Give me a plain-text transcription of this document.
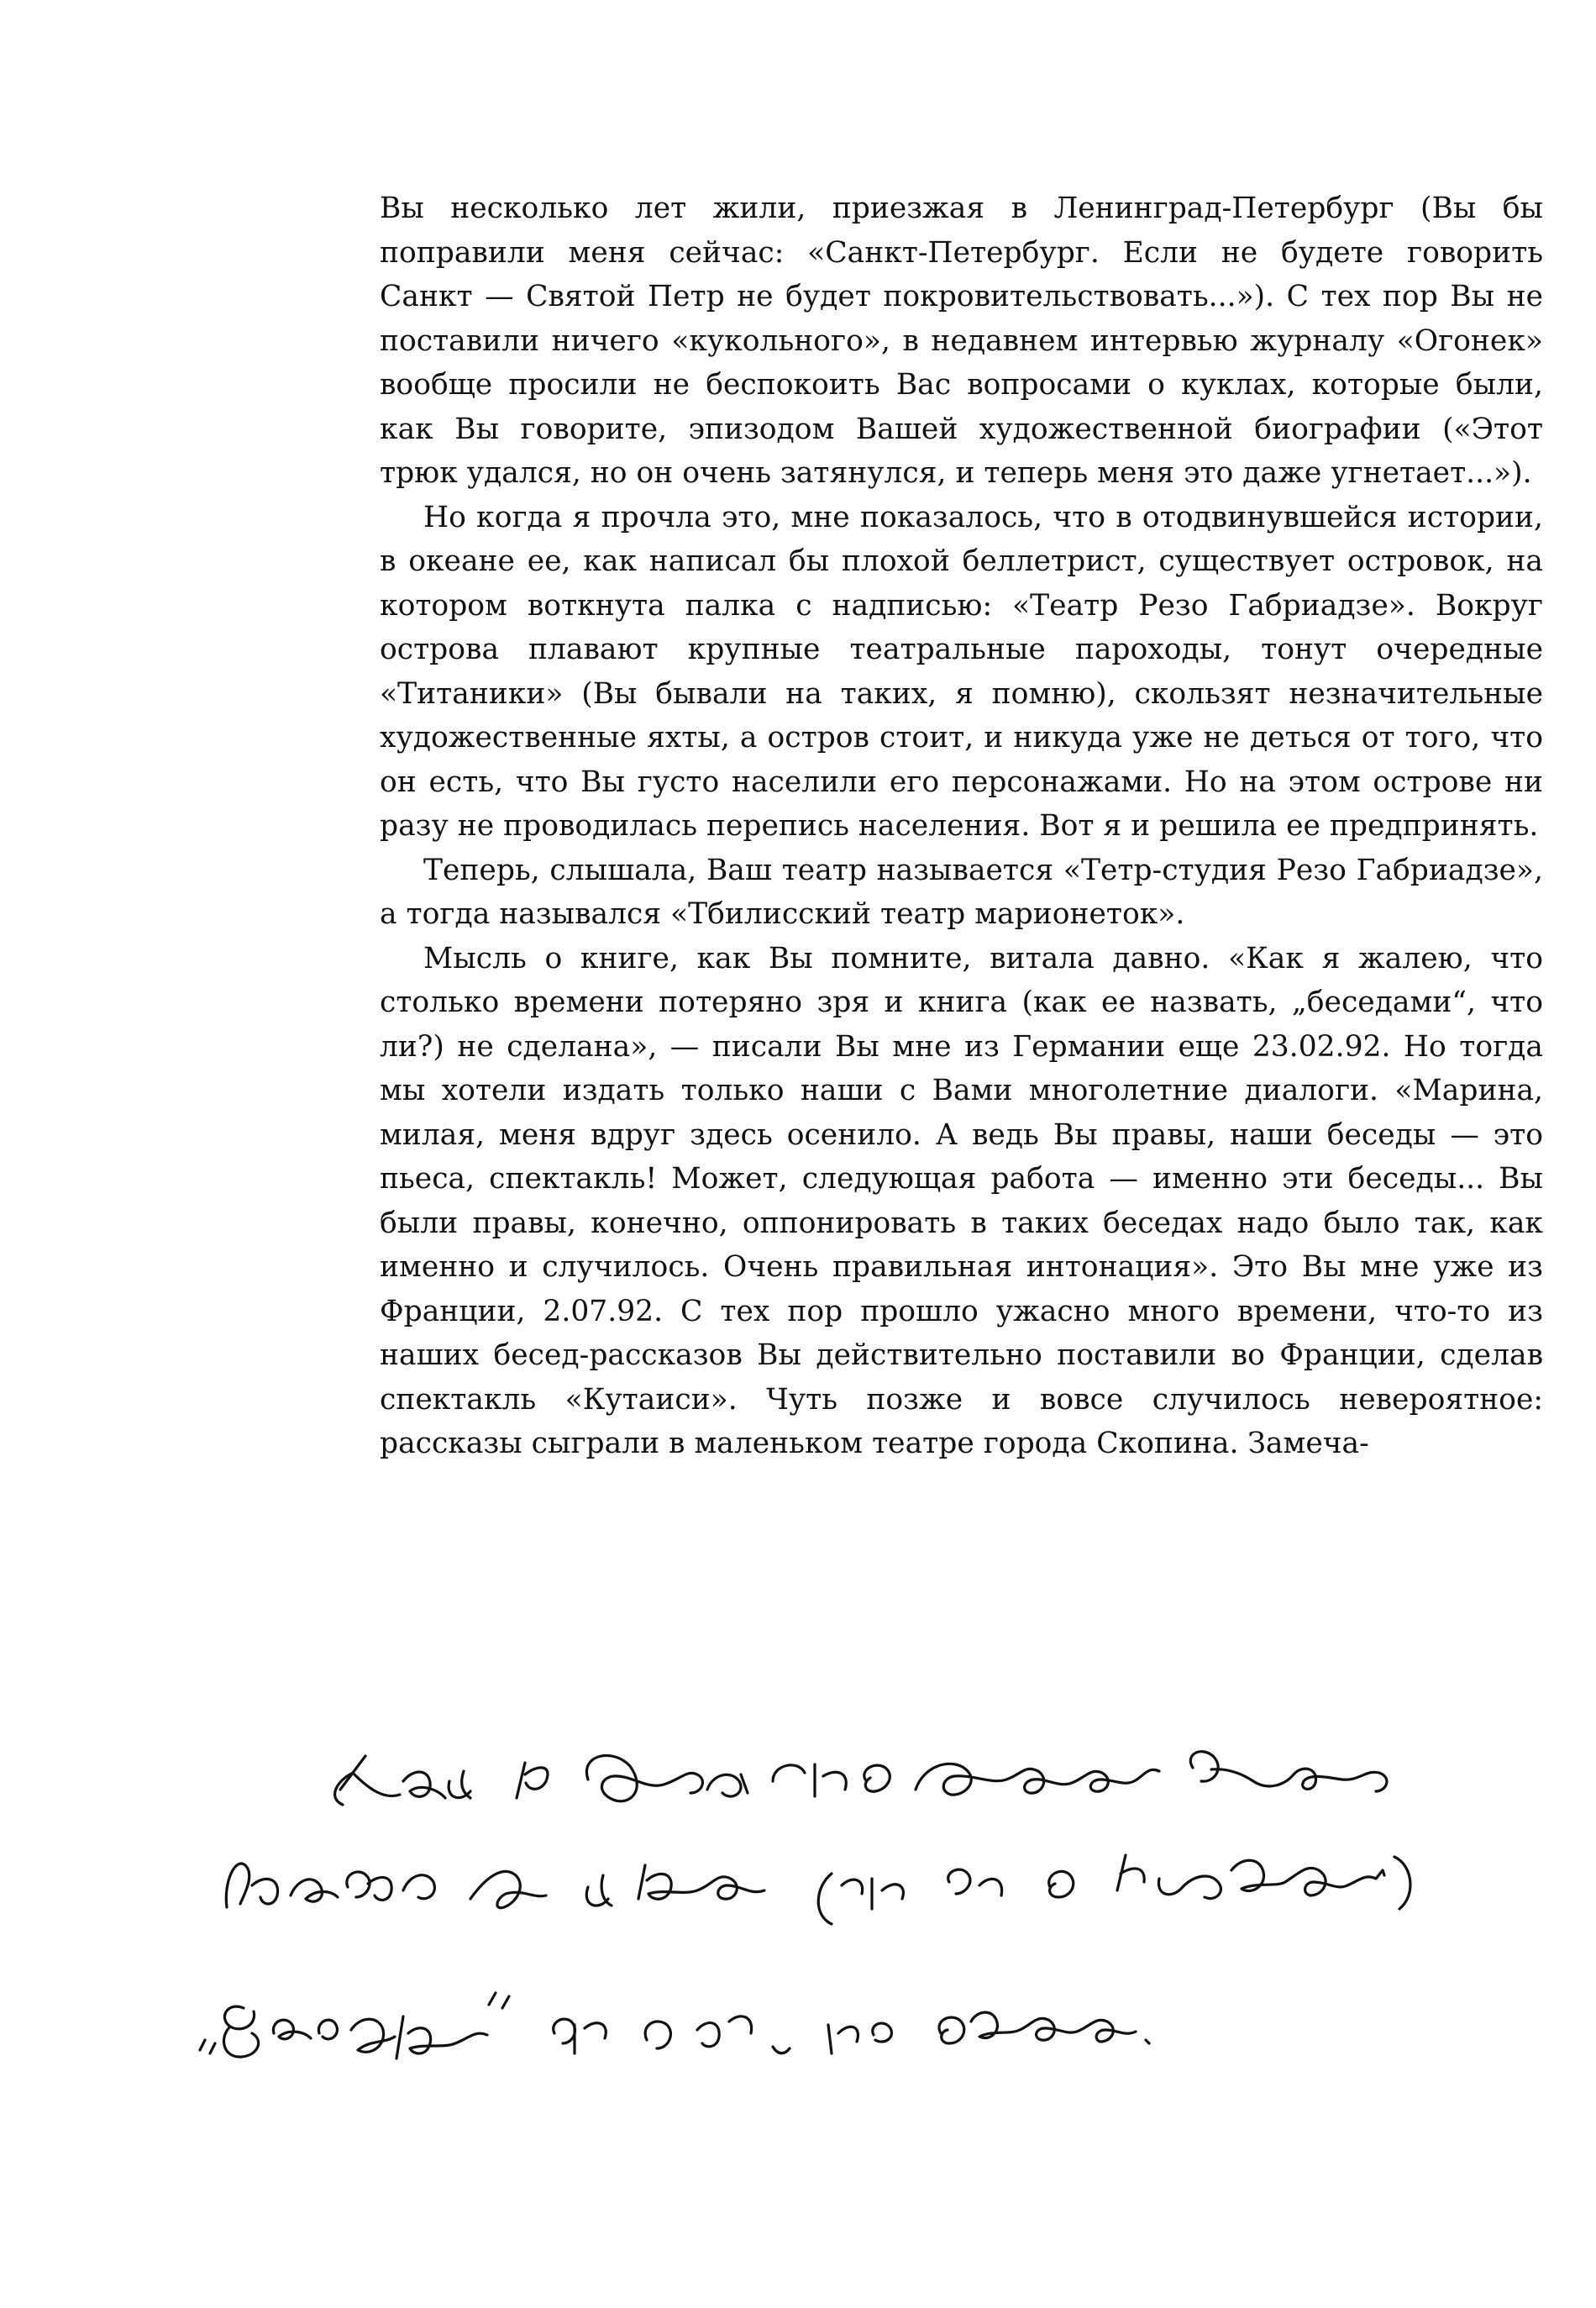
Вы несколько лет жили, приезжая в Ленинград-Петербург (Вы бы поправили меня сейчас: «Санкт-Петербург. Если не будете говорить Санкт — Святой Петр не будет покровительствовать...»). С тех пор Вы не поставили ничего «кукольного», в недавнем интервью журналу «Огонек» вообще просили не беспокоить Вас вопросами о куклах, которые были, как Вы говорите, эпизодом Вашей художественной биографии («Этот трюк удался, но он очень затянулся, и теперь меня это даже угнетает...»).

Но когда я прочла это, мне показалось, что в отодвинувшейся истории, в океане ее, как написал бы плохой беллетрист, существует островок, на котором воткнута палка с надписью: «Театр Резо Габриадзе». Вокруг острова плавают крупные театральные пароходы, тонут очередные «Титаники» (Вы бывали на таких, я помню), скользят незначительные художественные яхты, а остров стоит, и никуда уже не деться от того, что он есть, что Вы густо населили его персонажами. Но на этом острове ни разу не проводилась перепись населения. Вот я и решила ее предпринять.

Теперь, слышала, Ваш театр называется «Тетр-студия Резо Габриадзе», а тогда назывался «Тбилисский театр марионеток».

Мысль о книге, как Вы помните, витала давно. «Как я жалею, что столько времени потеряно зря и книга (как ее назвать, „беседами“, что ли?) не сделана», — писали Вы мне из Германии еще 23.02.92. Но тогда мы хотели издать только наши с Вами многолетние диалоги. «Марина, милая, меня вдруг здесь осенило. А ведь Вы правы, наши беседы — это пьеса, спектакль! Может, следующая работа — именно эти беседы... Вы были правы, конечно, оппонировать в таких беседах надо было так, как именно и случилось. Очень правильная интонация». Это Вы мне уже из Франции, 2.07.92. С тех пор прошло ужасно много времени, что-то из наших бесед-рассказов Вы действительно поставили во Франции, сделав спектакль «Кутаиси». Чуть позже и вовсе случилось невероятное: рассказы сыграли в маленьком театре города Скопина. Замеча-
